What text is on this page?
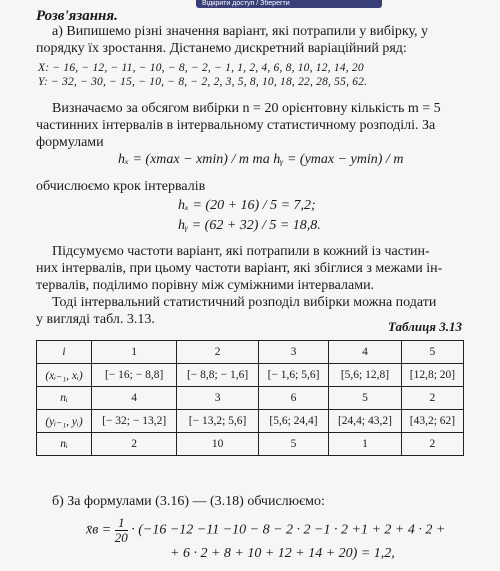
Відкрити доступ / Зберегти
Розв'язання.
а) Випишемо різні значення варіант, які потрапили у вибірку, у
порядку їх зростання. Дістанемо дискретний варіаційний ряд:
X: − 16, − 12, − 11, − 10, − 8, − 2, − 1, 1, 2, 4, 6, 8, 10, 12, 14, 20
Y: − 32, − 30, − 15, − 10, − 8, − 2, 2, 3, 5, 8, 10, 18, 22, 28, 55, 62.
Визначаємо за обсягом вибірки n = 20 орієнтовну кількість m = 5
частинних інтервалів в інтервальному статистичному розподілі. За
формулами
hₓ = (xmax − xmin) / m та hᵧ = (ymax − ymin) / m
обчислюємо крок інтервалів
hₓ = (20 + 16) / 5 = 7,2;
hᵧ = (62 + 32) / 5 = 18,8.
Підсумуємо частоти варіант, які потрапили в кожний із частин-
них інтервалів, при цьому частоти варіант, які збіглися з межами ін-
тервалів, поділимо порівну між суміжними інтервалами.
Тоді інтервальний статистичний розподіл вибірки можна подати
у вигляді табл. 3.13.	Таблиця 3.13
i	1	2	3	4	5
(xᵢ₋₁, xᵢ)	[− 16; − 8,8]	[− 8,8; − 1,6]	[− 1,6; 5,6]	[5,6; 12,8]	[12,8; 20]
nᵢ	4	3	6	5	2
(yᵢ₋₁, yᵢ)	[− 32; − 13,2]	[− 13,2; 5,6]	[5,6; 24,4]	[24,4; 43,2]	[43,2; 62]
nᵢ	2	10	5	1	2
б) За формулами (3.16) — (3.18) обчислюємо:
x̄в = $\frac{1}{20} \cdot (-16 -12 -11 -10 - 8 - 2 \cdot 2 -1 \cdot 2 +1 + 2 + 4 \cdot 2$ +
+ 6 · 2 + 8 + 10 + 12 + 14 + 20) = 1,2,
